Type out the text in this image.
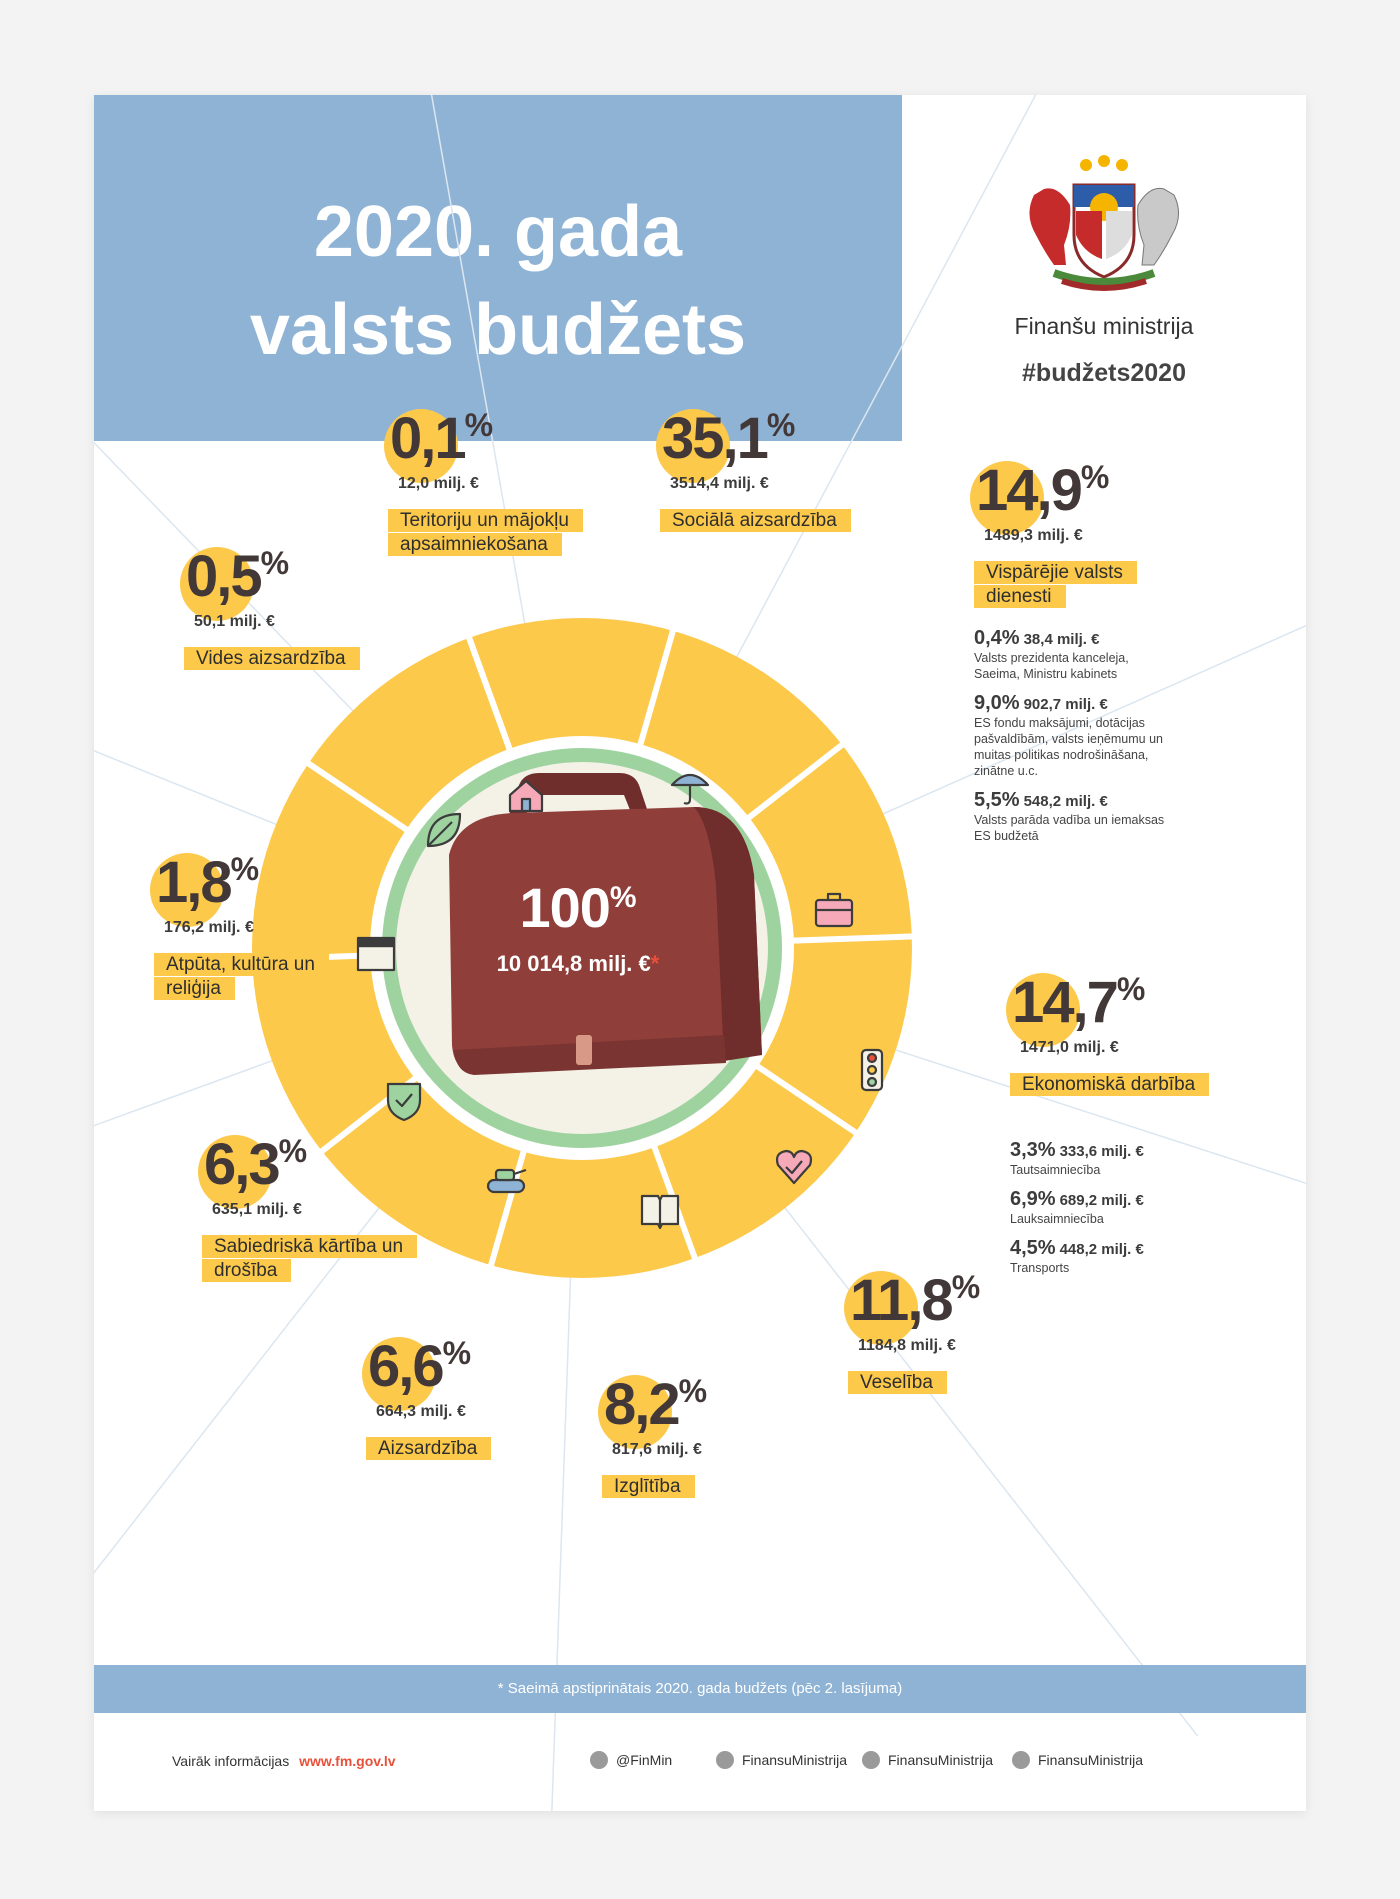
2020. gada
valsts budžets	Finanšu ministrija
#budžets2020
100%
10 014,8 milj. €*
0,1%
12,0 milj. €
Teritoriju un mājokļu apsaimniekošana
35,1%
3514,4 milj. €
Sociālā aizsardzība	14,9%
1489,3 milj. €
Vispārējie valsts dienesti
0,4% 38,4 milj. €
Valsts prezidenta kanceleja, Saeima, Ministru kabinets
9,0% 902,7 milj. €
ES fondu maksājumi, dotācijas pašvaldībām, valsts ieņēmumu un muitas politikas nodrošināšana, zinātne u.c.
5,5% 548,2 milj. €
Valsts parāda vadība un iemaksas ES budžetā
14,7%
1471,0 milj. €
Ekonomiskā darbība
3,3% 333,6 milj. €
Tautsaimniecība
6,9% 689,2 milj. €
Lauksaimniecība
4,5% 448,2 milj. €
Transports
11,8%
1184,8 milj. €
Veselība
8,2%
817,6 milj. €
Izglītība
6,6%
664,3 milj. €
Aizsardzība
6,3%
635,1 milj. €
Sabiedriskā kārtība un drošība
1,8%
176,2 milj. €
Atpūta, kultūra un reliģija
0,5%
50,1 milj. €
Vides aizsardzība
* Saeimā apstiprinātais 2020. gada budžets (pēc 2. lasījuma)
Vairāk informācijas www.fm.gov.lv	@FinMin	FinansuMinistrija	FinansuMinistrija	FinansuMinistrija
